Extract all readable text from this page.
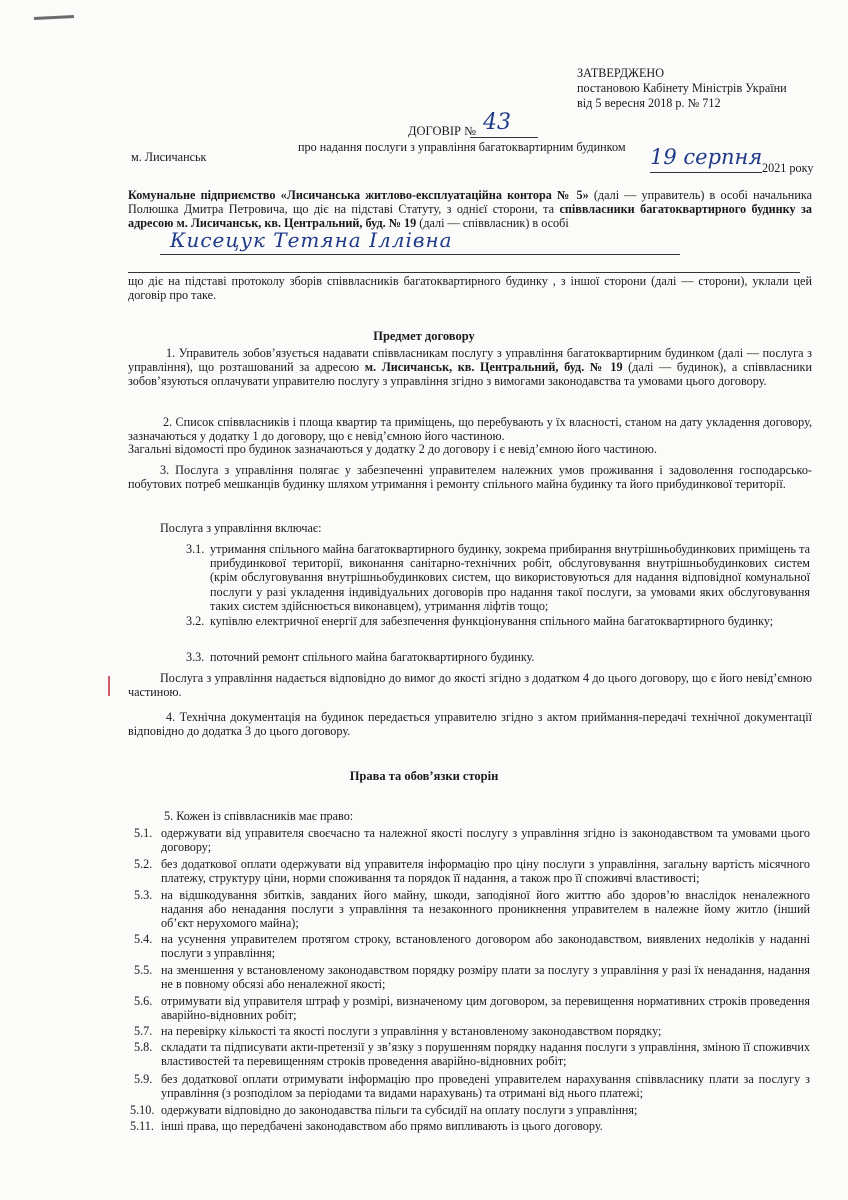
ЗАТВЕРДЖЕНО
постановою Кабінету Міністрів України
від 5 вересня 2018 р. № 712
ДОГОВІР № 43
про надання послуги з управління багатоквартирним будинком
м. Лисичанськ	19 серпня 2021 року
Комунальне підприємство «Лисичанська житлово-експлуатаційна контора № 5» (далі — управитель) в особі начальника Полюшка Дмитра Петровича, що діє на підставі Статуту, з однієї сторони, та співвласники багатоквартирного будинку за адресою м. Лисичанськ, кв. Центральний, буд. № 19 (далі — співвласник) в особі
Кисецук Тетяна Іллівна
що діє на підставі протоколу зборів співвласників багатоквартирного будинку , з іншої сторони (далі — сторони), уклали цей договір про таке.
Предмет договору
1. Управитель зобов’язується надавати співвласникам послугу з управління багатоквартирним будинком (далі — послуга з управління), що розташований за адресою м. Лисичанськ, кв. Центральний, буд. № 19 (далі — будинок), а співвласники зобов’язуються оплачувати управителю послугу з управління згідно з вимогами законодавства та умовами цього договору.
2. Список співвласників і площа квартир та приміщень, що перебувають у їх власності, станом на дату укладення договору, зазначаються у додатку 1 до договору, що є невід’ємною його частиною.
Загальні відомості про будинок зазначаються у додатку 2 до договору і є невід’ємною його частиною.
3. Послуга з управління полягає у забезпеченні управителем належних умов проживання і задоволення господарсько-побутових потреб мешканців будинку шляхом утримання і ремонту спільного майна будинку та його прибудинкової території.
Послуга з управління включає:
3.1. утримання спільного майна багатоквартирного будинку, зокрема прибирання внутрішньобудинкових приміщень та прибудинкової території, виконання санітарно-технічних робіт, обслуговування внутрішньобудинкових систем (крім обслуговування внутрішньобудинкових систем, що використовуються для надання відповідної комунальної послуги у разі укладення індивідуальних договорів про надання такої послуги, за умовами яких обслуговування таких систем здійснюється виконавцем), утримання ліфтів тощо;
3.2. купівлю електричної енергії для забезпечення функціонування спільного майна багатоквартирного будинку;
3.3. поточний ремонт спільного майна багатоквартирного будинку.
Послуга з управління надається відповідно до вимог до якості згідно з додатком 4 до цього договору, що є його невід’ємною частиною.
4. Технічна документація на будинок передається управителю згідно з актом приймання-передачі технічної документації відповідно до додатка 3 до цього договору.
Права та обов’язки сторін
5. Кожен із співвласників має право:
5.1. одержувати від управителя своєчасно та належної якості послугу з управління згідно із законодавством та умовами цього договору;
5.2. без додаткової оплати одержувати від управителя інформацію про ціну послуги з управління, загальну вартість місячного платежу, структуру ціни, норми споживання та порядок її надання, а також про її споживчі властивості;
5.3. на відшкодування збитків, завданих його майну, шкоди, заподіяної його життю або здоров’ю внаслідок неналежного надання або ненадання послуги з управління та незаконного проникнення управителем в належне йому житло (інший об’єкт нерухомого майна);
5.4. на усунення управителем протягом строку, встановленого договором або законодавством, виявлених недоліків у наданні послуги з управління;
5.5. на зменшення у встановленому законодавством порядку розміру плати за послугу з управління у разі їх ненадання, надання не в повному обсязі або неналежної якості;
5.6. отримувати від управителя штраф у розмірі, визначеному цим договором, за перевищення нормативних строків проведення аварійно-відновних робіт;
5.7. на перевірку кількості та якості послуги з управління у встановленому законодавством порядку;
5.8. складати та підписувати акти-претензії у зв’язку з порушенням порядку надання послуги з управління, зміною її споживчих властивостей та перевищенням строків проведення аварійно-відновних робіт;
5.9. без додаткової оплати отримувати інформацію про проведені управителем нарахування співвласнику плати за послугу з управління (з розподілом за періодами та видами нарахувань) та отримані від нього платежі;
5.10. одержувати відповідно до законодавства пільги та субсидії на оплату послуги з управління;
5.11. інші права, що передбачені законодавством або прямо випливають із цього договору.
